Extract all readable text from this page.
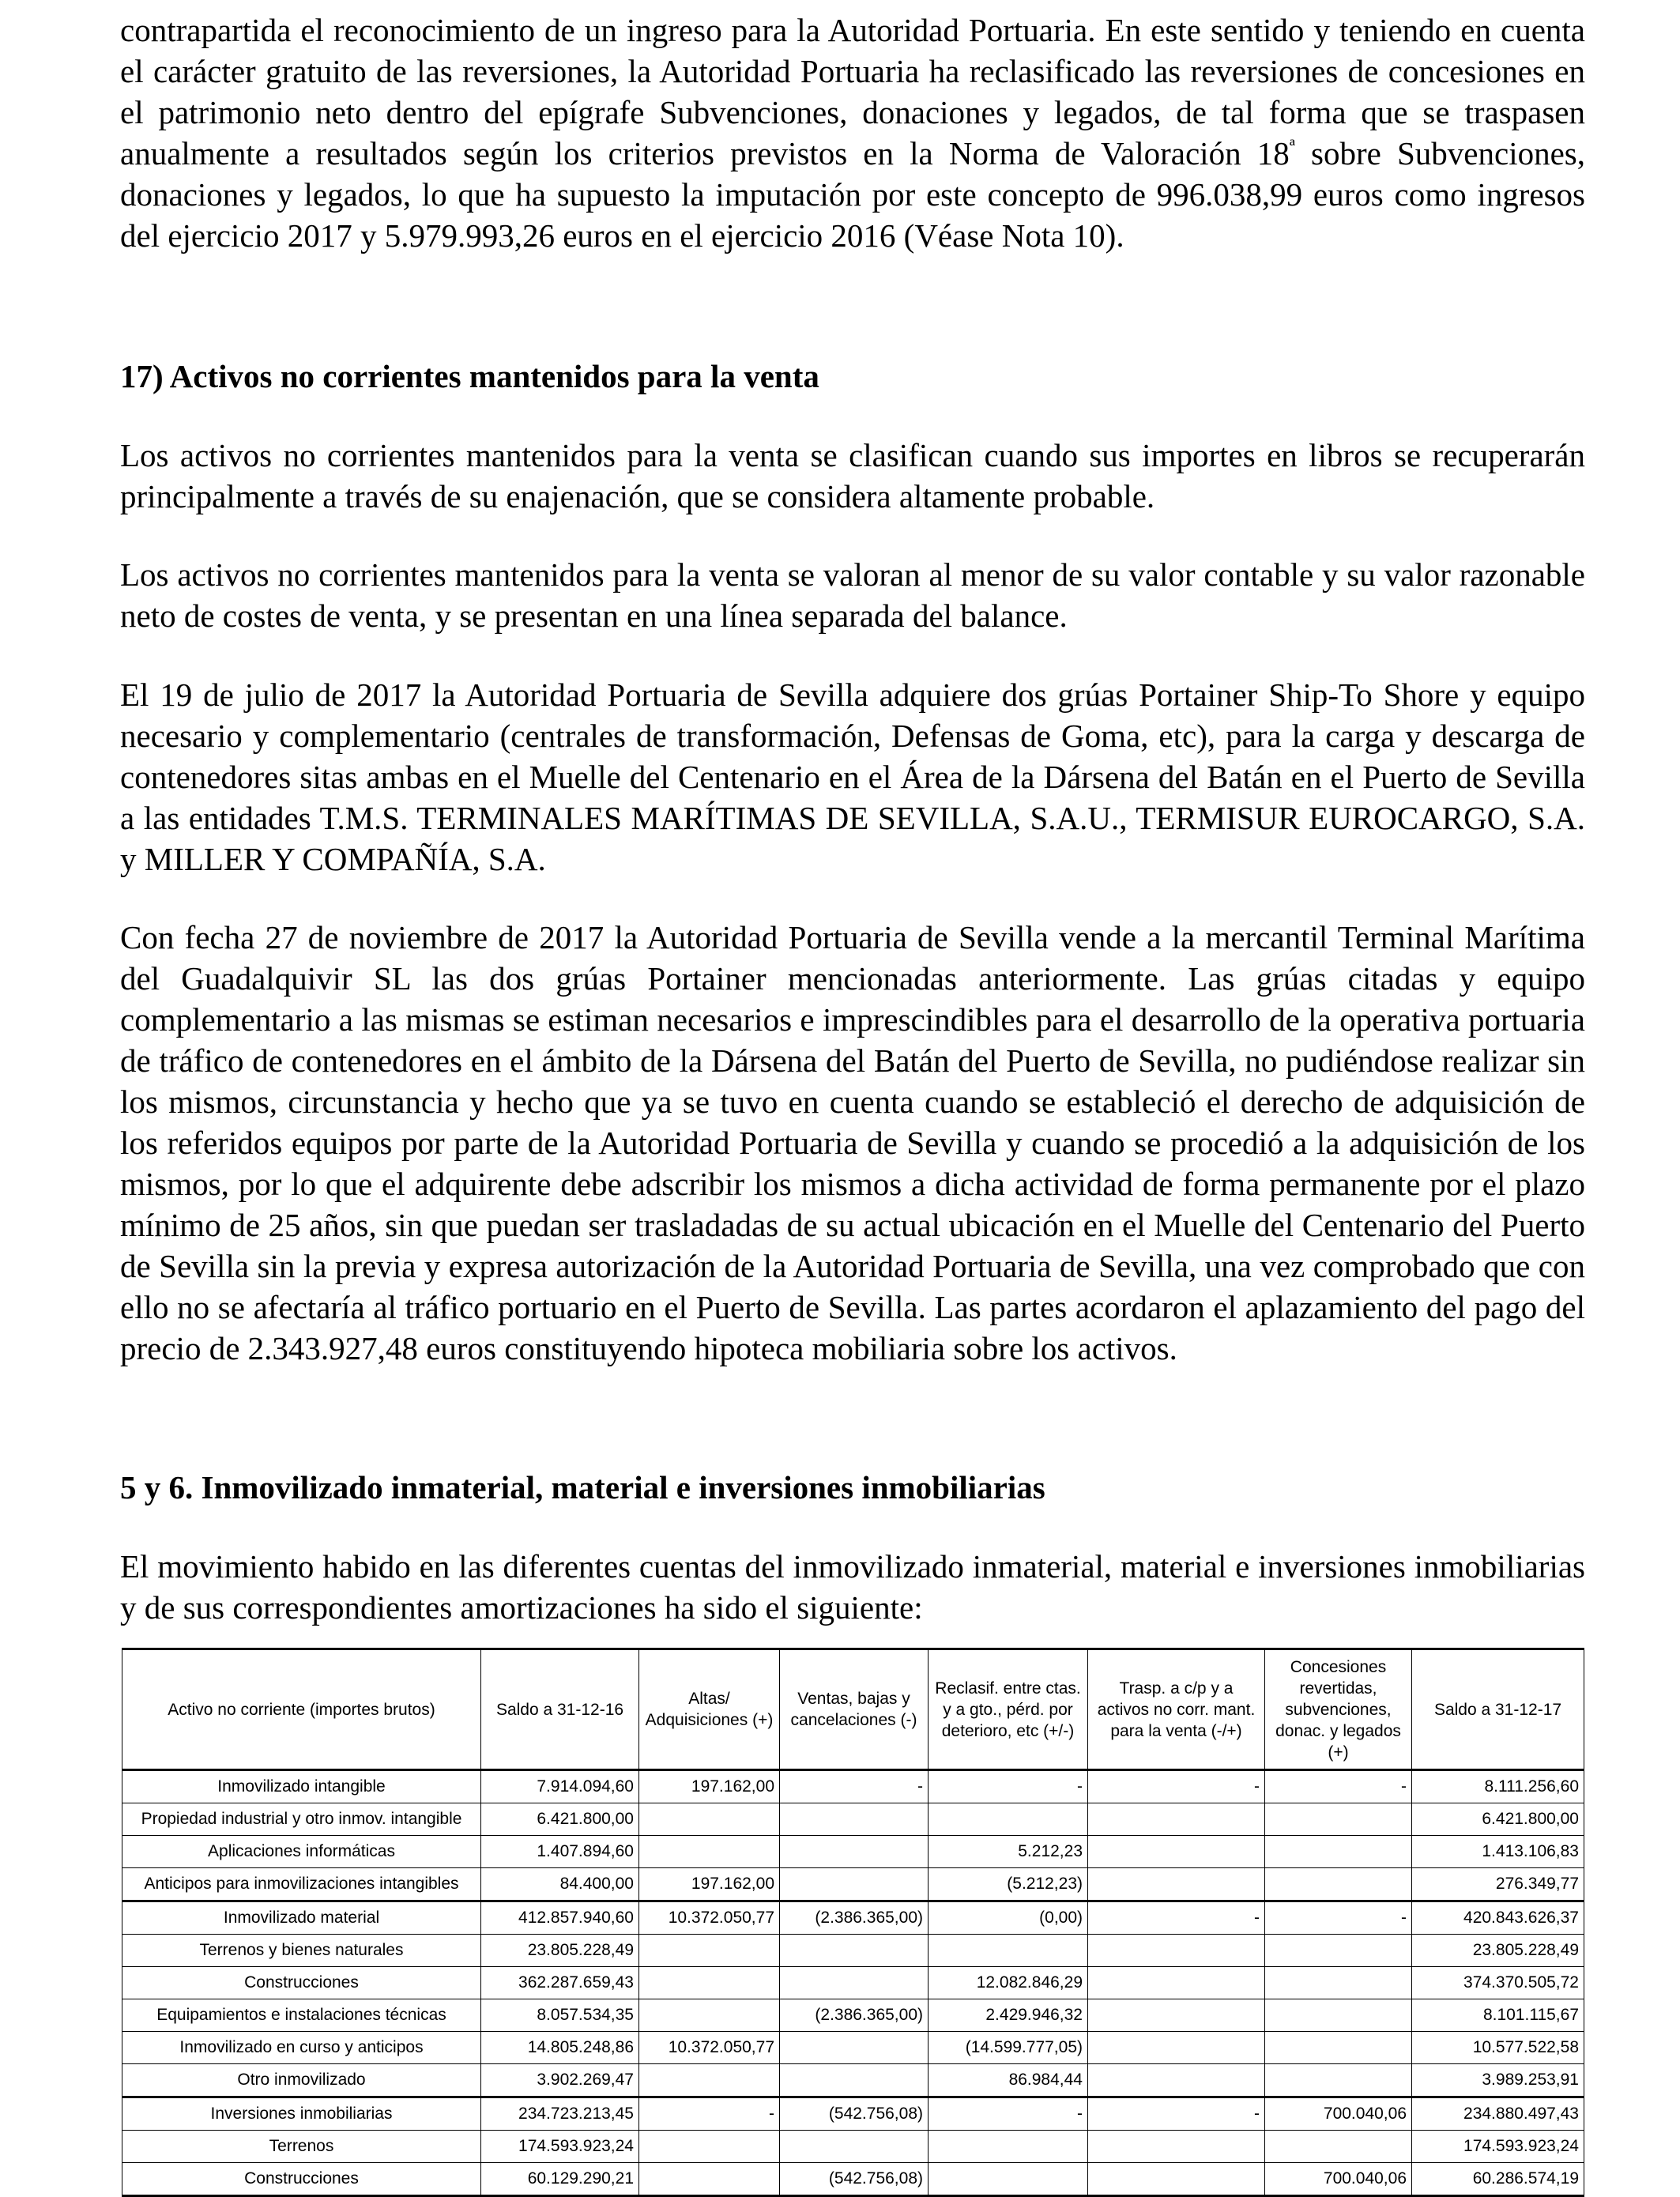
contrapartida el reconocimiento de un ingreso para la Autoridad Portuaria. En este sentido y teniendo en cuenta el carácter gratuito de las reversiones, la Autoridad Portuaria ha reclasificado las reversiones de concesiones en el patrimonio neto dentro del epígrafe Subvenciones, donaciones y legados, de tal forma que se traspasen anualmente a resultados según los criterios previstos en la Norma de Valoración $18^ª$ sobre Subvenciones, donaciones y legados, lo que ha supuesto la imputación por este concepto de 996.038,99 euros como ingresos del ejercicio 2017 y 5.979.993,26 euros en el ejercicio 2016 (Véase Nota 10).

17) Activos no corrientes mantenidos para la venta

Los activos no corrientes mantenidos para la venta se clasifican cuando sus importes en libros se recuperarán principalmente a través de su enajenación, que se considera altamente probable.

Los activos no corrientes mantenidos para la venta se valoran al menor de su valor contable y su valor razonable neto de costes de venta, y se presentan en una línea separada del balance.

El 19 de julio de 2017 la Autoridad Portuaria de Sevilla adquiere dos grúas Portainer Ship-To Shore y equipo necesario y complementario (centrales de transformación, Defensas de Goma, etc), para la carga y descarga de contenedores sitas ambas en el Muelle del Centenario en el Área de la Dársena del Batán en el Puerto de Sevilla a las entidades T.M.S. TERMINALES MARÍTIMAS DE SEVILLA, S.A.U., TERMISUR EUROCARGO, S.A. y MILLER Y COMPAÑÍA, S.A.

Con fecha 27 de noviembre de 2017 la Autoridad Portuaria de Sevilla vende a la mercantil Terminal Marítima del Guadalquivir SL las dos grúas Portainer mencionadas anteriormente. Las grúas citadas y equipo complementario a las mismas se estiman necesarios e imprescindibles para el desarrollo de la operativa portuaria de tráfico de contenedores en el ámbito de la Dársena del Batán del Puerto de Sevilla, no pudiéndose realizar sin los mismos, circunstancia y hecho que ya se tuvo en cuenta cuando se estableció el derecho de adquisición de los referidos equipos por parte de la Autoridad Portuaria de Sevilla y cuando se procedió a la adquisición de los mismos, por lo que el adquirente debe adscribir los mismos a dicha actividad de forma permanente por el plazo mínimo de 25 años, sin que puedan ser trasladadas de su actual ubicación en el Muelle del Centenario del Puerto de Sevilla sin la previa y expresa autorización de la Autoridad Portuaria de Sevilla, una vez comprobado que con ello no se afectaría al tráfico portuario en el Puerto de Sevilla. Las partes acordaron el aplazamiento del pago del precio de 2.343.927,48 euros constituyendo hipoteca mobiliaria sobre los activos.

5 y 6. Inmovilizado inmaterial, material e inversiones inmobiliarias

El movimiento habido en las diferentes cuentas del inmovilizado inmaterial, material e inversiones inmobiliarias y de sus correspondientes amortizaciones ha sido el siguiente:

Activo no corriente (importes brutos)	Saldo a 31-12-16	Altas/ Adquisiciones (+)	Ventas, bajas y cancelaciones (-)	Reclasif. entre ctas. y a gto., pérd. por deterioro, etc (+/-)	Trasp. a c/p y a activos no corr. mant. para la venta (-/+)	Concesiones revertidas, subvenciones, donac. y legados (+)	Saldo a 31-12-17
Inmovilizado intangible	7.914.094,60	197.162,00	-	-	-	-	8.111.256,60
Propiedad industrial y otro inmov. intangible	6.421.800,00						6.421.800,00
Aplicaciones informáticas	1.407.894,60			5.212,23			1.413.106,83
Anticipos para inmovilizaciones intangibles	84.400,00	197.162,00		(5.212,23)			276.349,77
Inmovilizado material	412.857.940,60	10.372.050,77	(2.386.365,00)	(0,00)	-	-	420.843.626,37
Terrenos y bienes naturales	23.805.228,49						23.805.228,49
Construcciones	362.287.659,43			12.082.846,29			374.370.505,72
Equipamientos e instalaciones técnicas	8.057.534,35		(2.386.365,00)	2.429.946,32			8.101.115,67
Inmovilizado en curso y anticipos	14.805.248,86	10.372.050,77		(14.599.777,05)			10.577.522,58
Otro inmovilizado	3.902.269,47			86.984,44			3.989.253,91
Inversiones inmobiliarias	234.723.213,45	-	(542.756,08)	-	-	700.040,06	234.880.497,43
Terrenos	174.593.923,24						174.593.923,24
Construcciones	60.129.290,21		(542.756,08)			700.040,06	60.286.574,19
